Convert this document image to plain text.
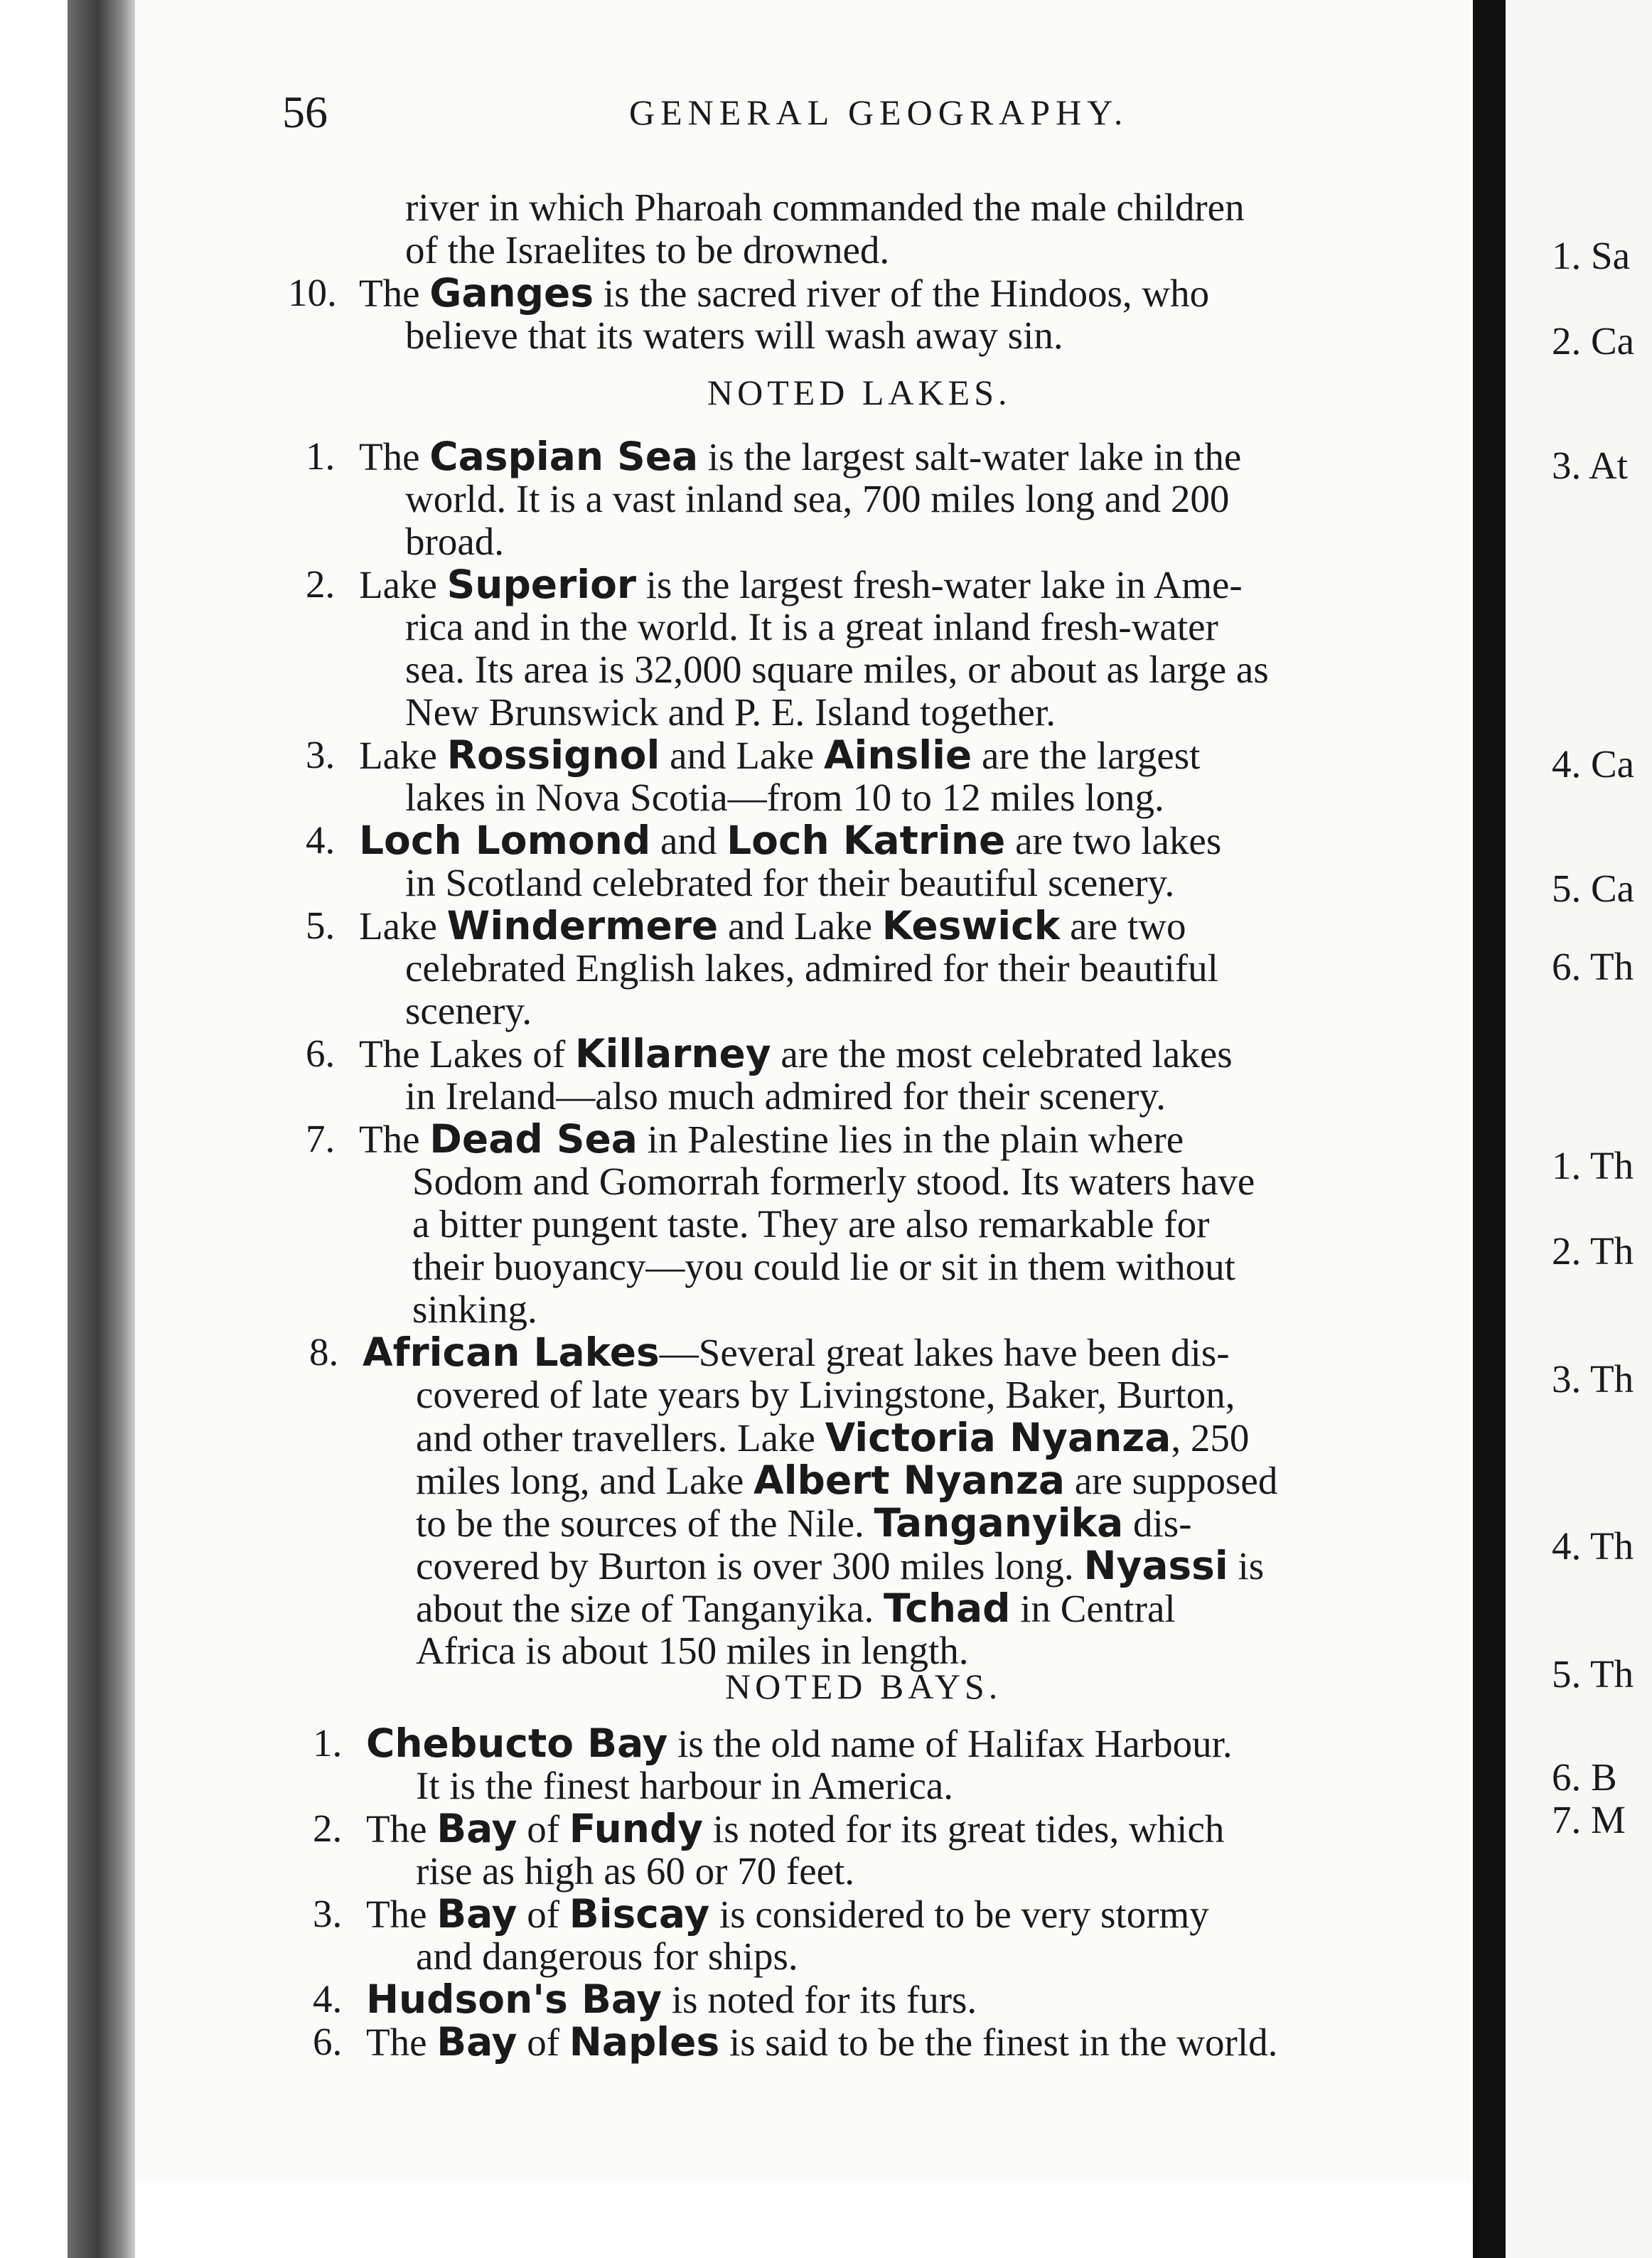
56	GENERAL GEOGRAPHY.
river in which Pharoah commanded the male children
of the Israelites to be drowned.
10. The Ganges is the sacred river of the Hindoos, who
believe that its waters will wash away sin.
NOTED LAKES.
1. The Caspian Sea is the largest salt-water lake in the
world. It is a vast inland sea, 700 miles long and 200
broad.
2. Lake Superior is the largest fresh-water lake in Ame-
rica and in the world. It is a great inland fresh-water
sea. Its area is 32,000 square miles, or about as large as
New Brunswick and P. E. Island together.
3. Lake Rossignol and Lake Ainslie are the largest
lakes in Nova Scotia—from 10 to 12 miles long.
4. Loch Lomond and Loch Katrine are two lakes
in Scotland celebrated for their beautiful scenery.
5. Lake Windermere and Lake Keswick are two
celebrated English lakes, admired for their beautiful
scenery.
6. The Lakes of Killarney are the most celebrated lakes
in Ireland—also much admired for their scenery.
7. The Dead Sea in Palestine lies in the plain where
Sodom and Gomorrah formerly stood. Its waters have
a bitter pungent taste. They are also remarkable for
their buoyancy—you could lie or sit in them without
sinking.
8. African Lakes—Several great lakes have been dis-
covered of late years by Livingstone, Baker, Burton,
and other travellers. Lake Victoria Nyanza, 250
miles long, and Lake Albert Nyanza are supposed
to be the sources of the Nile. Tanganyika dis-
covered by Burton is over 300 miles long. Nyassi is
about the size of Tanganyika. Tchad in Central
Africa is about 150 miles in length.
NOTED BAYS.
1. Chebucto Bay is the old name of Halifax Harbour.
It is the finest harbour in America.
2. The Bay of Fundy is noted for its great tides, which
rise as high as 60 or 70 feet.
3. The Bay of Biscay is considered to be very stormy
and dangerous for ships.
4. Hudson's Bay is noted for its furs.
6. The Bay of Naples is said to be the finest in the world.
1. Sa
2. Ca
3. At
4. Ca
5. Ca
6. Th
1. Th
2. Th
3. Th
4. Th
5. Th
6. B
7. M
